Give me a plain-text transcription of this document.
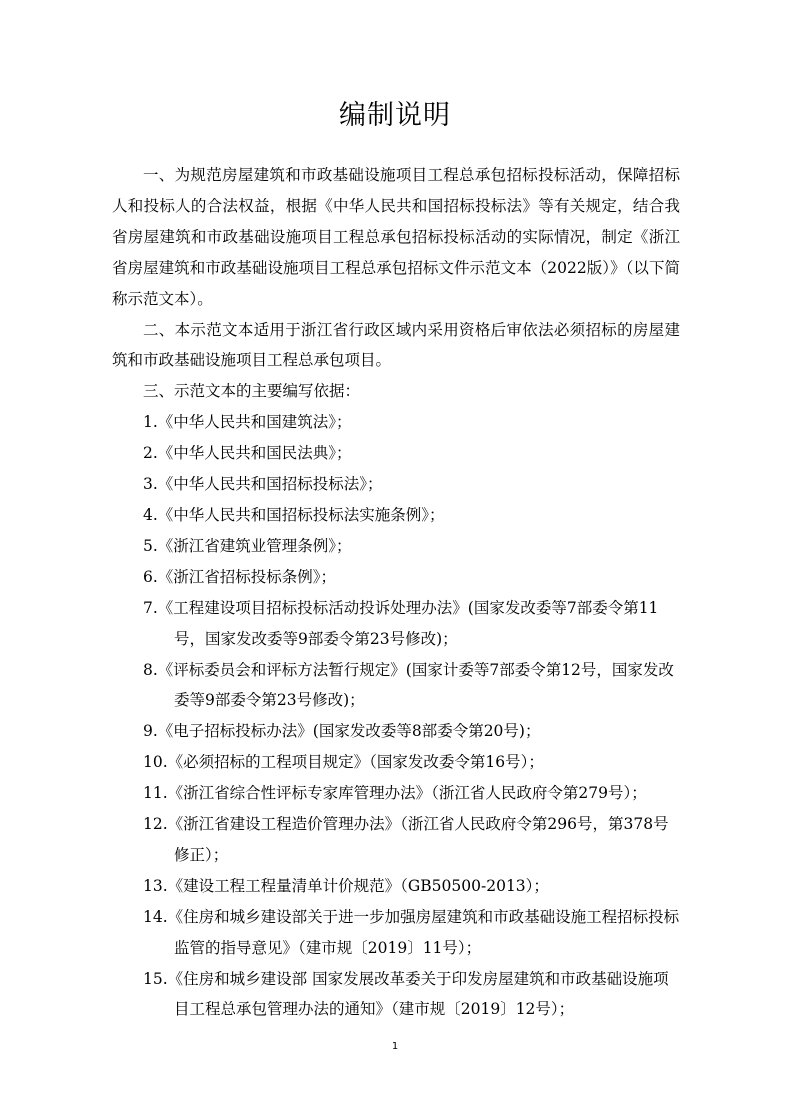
编制说明

一、为规范房屋建筑和市政基础设施项目工程总承包招标投标活动，保障招标人和投标人的合法权益，根据《中华人民共和国招标投标法》等有关规定，结合我省房屋建筑和市政基础设施项目工程总承包招标投标活动的实际情况，制定《浙江省房屋建筑和市政基础设施项目工程总承包招标文件示范文本（2022版）》（以下简称示范文本）。

二、本示范文本适用于浙江省行政区域内采用资格后审依法必须招标的房屋建筑和市政基础设施项目工程总承包项目。

三、示范文本的主要编写依据：

1.《中华人民共和国建筑法》；
2.《中华人民共和国民法典》；
3.《中华人民共和国招标投标法》；
4.《中华人民共和国招标投标法实施条例》；
5.《浙江省建筑业管理条例》；
6.《浙江省招标投标条例》；
7.《工程建设项目招标投标活动投诉处理办法》(国家发改委等7部委令第11号，国家发改委等9部委令第23号修改)；
8.《评标委员会和评标方法暂行规定》(国家计委等7部委令第12号，国家发改委等9部委令第23号修改)；
9.《电子招标投标办法》(国家发改委等8部委令第20号)；
10.《必须招标的工程项目规定》（国家发改委令第16号）；
11.《浙江省综合性评标专家库管理办法》（浙江省人民政府令第279号）；
12.《浙江省建设工程造价管理办法》（浙江省人民政府令第296号，第378号修正）；
13.《建设工程工程量清单计价规范》（GB50500-2013）；
14.《住房和城乡建设部关于进一步加强房屋建筑和市政基础设施工程招标投标监管的指导意见》（建市规〔2019〕11号）；
15.《住房和城乡建设部 国家发展改革委关于印发房屋建筑和市政基础设施项目工程总承包管理办法的通知》（建市规〔2019〕12号）；
1
